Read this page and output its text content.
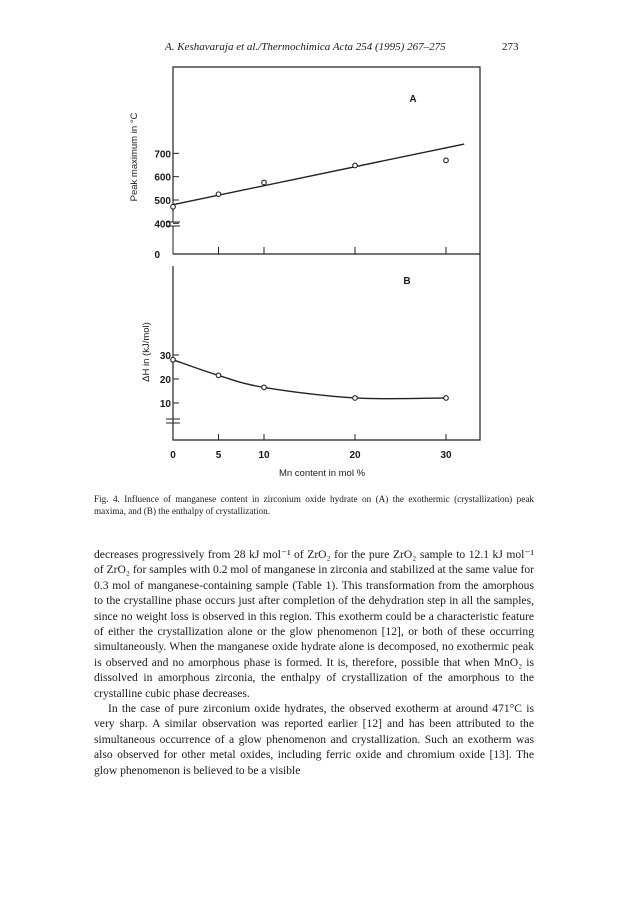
A. Keshavaraja et al./Thermochimica Acta 254 (1995) 267–275	273
A
Peak maximum in °C
400
500
600
700
0
B
ΔH in (kJ/mol)
10
20
30
0	5	10	20	30
Mn content in mol %
Fig. 4. Influence of manganese content in zirconium oxide hydrate on (A) the exothermic (crystallization) peak maxima, and (B) the enthalpy of crystallization.

decreases progressively from 28 kJ mol⁻¹ of ZrO₂ for the pure ZrO₂ sample to 12.1 kJ mol⁻¹ of ZrO₂ for samples with 0.2 mol of manganese in zirconia and stabilized at the same value for 0.3 mol of manganese-containing sample (Table 1). This transformation from the amorphous to the crystalline phase occurs just after completion of the dehydration step in all the samples, since no weight loss is observed in this region. This exotherm could be a characteristic feature of either the crystallization alone or the glow phenomenon [12], or both of these occurring simultaneously. When the manganese oxide hydrate alone is decomposed, no exothermic peak is observed and no amorphous phase is formed. It is, therefore, possible that when MnO₂ is dissolved in amorphous zirconia, the enthalpy of crystallization of the amorphous to the crystalline cubic phase decreases.

In the case of pure zirconium oxide hydrates, the observed exotherm at around 471°C is very sharp. A similar observation was reported earlier [12] and has been attributed to the simultaneous occurrence of a glow phenomenon and crystallization. Such an exotherm was also observed for other metal oxides, including ferric oxide and chromium oxide [13]. The glow phenomenon is believed to be a visible
